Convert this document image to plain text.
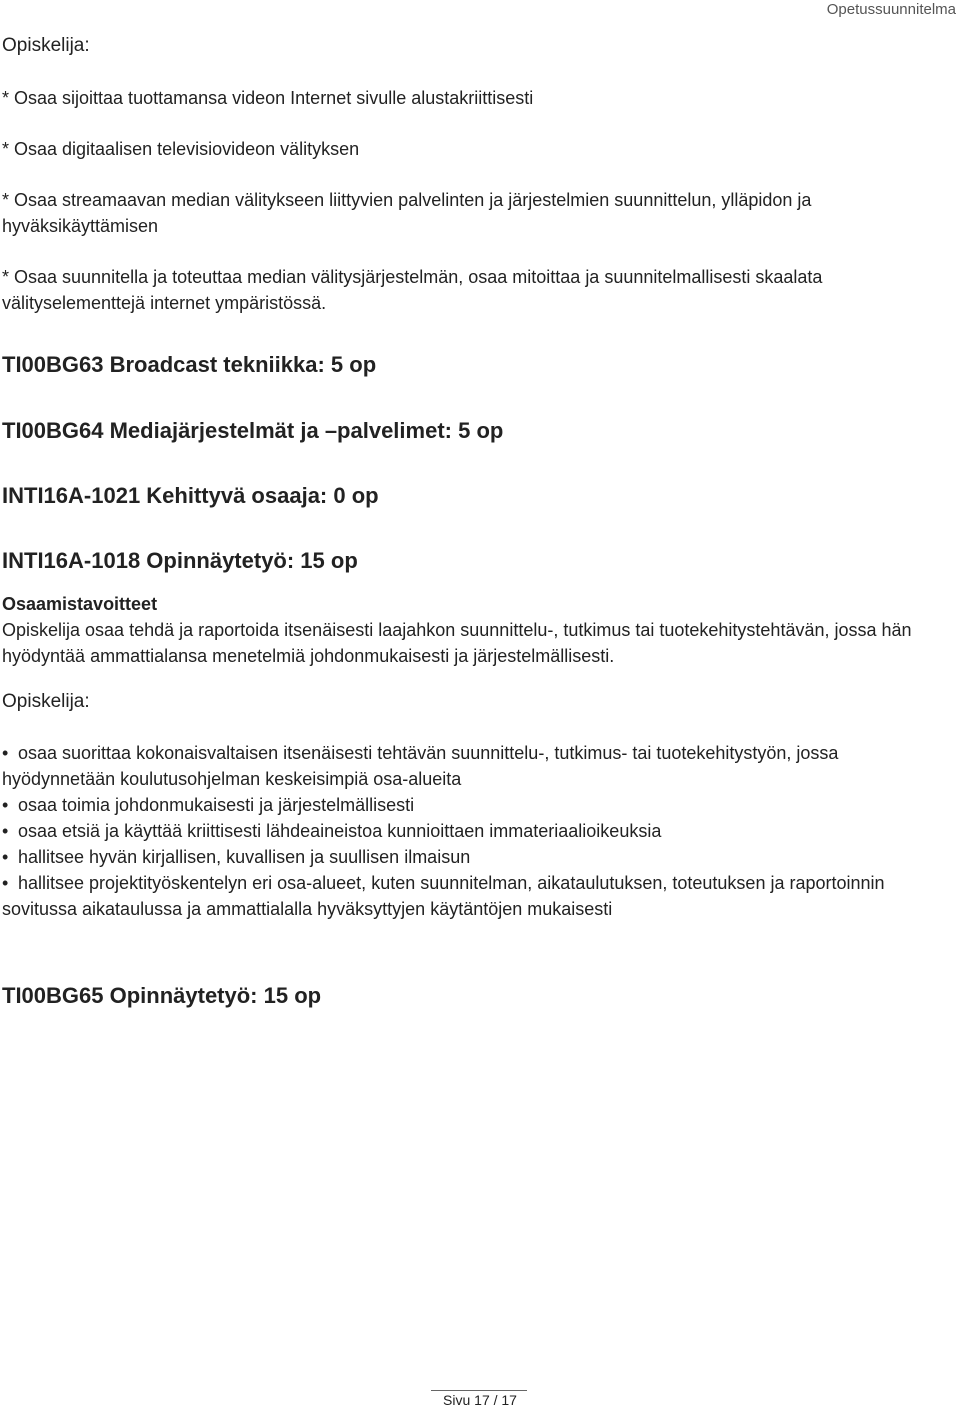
Opetussuunnitelma

Opiskelija:

* Osaa sijoittaa tuottamansa videon Internet sivulle alustakriittisesti

* Osaa digitaalisen televisiovideon välityksen

* Osaa streamaavan median välitykseen liittyvien palvelinten ja järjestelmien suunnittelun, ylläpidon ja hyväksikäyttämisen

* Osaa suunnitella ja toteuttaa median välitysjärjestelmän, osaa mitoittaa ja suunnitelmallisesti skaalata välityselementtejä internet ympäristössä.

TI00BG63 Broadcast tekniikka: 5 op

TI00BG64 Mediajärjestelmät ja –palvelimet: 5 op

INTI16A-1021 Kehittyvä osaaja: 0 op

INTI16A-1018 Opinnäytetyö: 15 op

Osaamistavoitteet

Opiskelija osaa tehdä ja raportoida itsenäisesti laajahkon suunnittelu-, tutkimus tai tuotekehitystehtävän, jossa hän hyödyntää ammattialansa menetelmiä johdonmukaisesti ja järjestelmällisesti.

Opiskelija:

• osaa suorittaa kokonaisvaltaisen itsenäisesti tehtävän suunnittelu-, tutkimus- tai tuotekehitystyön, jossa hyödynnetään koulutusohjelman keskeisimpiä osa-alueita
• osaa toimia johdonmukaisesti ja järjestelmällisesti
• osaa etsiä ja käyttää kriittisesti lähdeaineistoa kunnioittaen immateriaalioikeuksia
• hallitsee hyvän kirjallisen, kuvallisen ja suullisen ilmaisun
• hallitsee projektityöskentelyn eri osa-alueet, kuten suunnitelman, aikataulutuksen, toteutuksen ja raportoinnin sovitussa aikataulussa ja ammattialalla hyväksyttyjen käytäntöjen mukaisesti

TI00BG65 Opinnäytetyö: 15 op

Sivu 17 / 17
